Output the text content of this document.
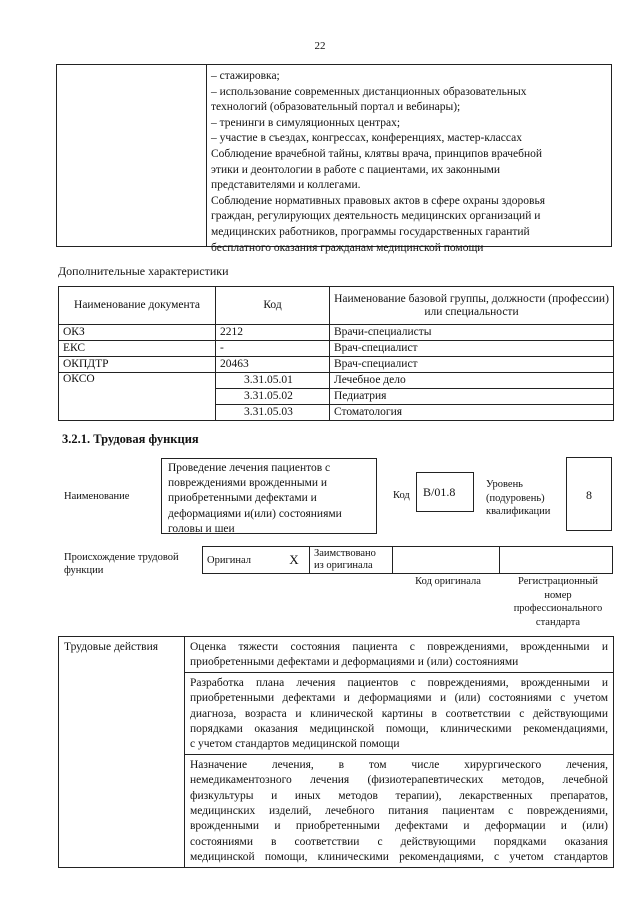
22
– стажировка;
– использование современных дистанционных образовательных
технологий (образовательный портал и вебинары);
– тренинги в симуляционных центрах;
– участие в съездах, конгрессах, конференциях, мастер-классах
Соблюдение врачебной тайны, клятвы врача, принципов врачебной
этики и деонтологии в работе с пациентами, их законными
представителями и коллегами.
Соблюдение нормативных правовых актов в сфере охраны здоровья
граждан, регулирующих деятельность медицинских организаций и
медицинских работников, программы государственных гарантий
бесплатного оказания гражданам медицинской помощи
Дополнительные характеристики
Наименование документа	Код	Наименование базовой группы, должности (профессии) или специальности
ОКЗ	2212	Врачи-специалисты
ЕКС	-	Врач-специалист
ОКПДТР	20463	Врач-специалист
ОКСО	3.31.05.01	Лечебное дело
	3.31.05.02	Педиатрия
	3.31.05.03	Стоматология
3.2.1. Трудовая функция
Наименование
Проведение лечения пациентов с
повреждениями врожденными и
приобретенными дефектами и
деформациями и(или) состояниями
головы и шеи
Код	B/01.8
Уровень
(подуровень)
квалификации
8
Происхождение трудовой
функции
Оригинал	X	Заимствовано
из оригинала

Код оригинала	Регистрационный
номер
профессионального
стандарта
Трудовые действия	Оценка тяжести состояния пациента с повреждениями, врожденными и
приобретенными дефектами и деформациями и (или) состояниями

Разработка плана лечения пациентов с повреждениями, врожденными и
приобретенными дефектами и деформациями и (или) состояниями с учетом
диагноза, возраста и клинической картины в соответствии с действующими
порядками оказания медицинской помощи, клиническими рекомендациями,
с учетом стандартов медицинской помощи

Назначение лечения, в том числе хирургического лечения,
немедикаментозного лечения (физиотерапевтических методов, лечебной
физкультуры и иных методов терапии), лекарственных препаратов,
медицинских изделий, лечебного питания пациентам с повреждениями,
врожденными и приобретенными дефектами и деформации и (или)
состояниями в соответствии с действующими порядками оказания
медицинской помощи, клиническими рекомендациями, с учетом стандартов
